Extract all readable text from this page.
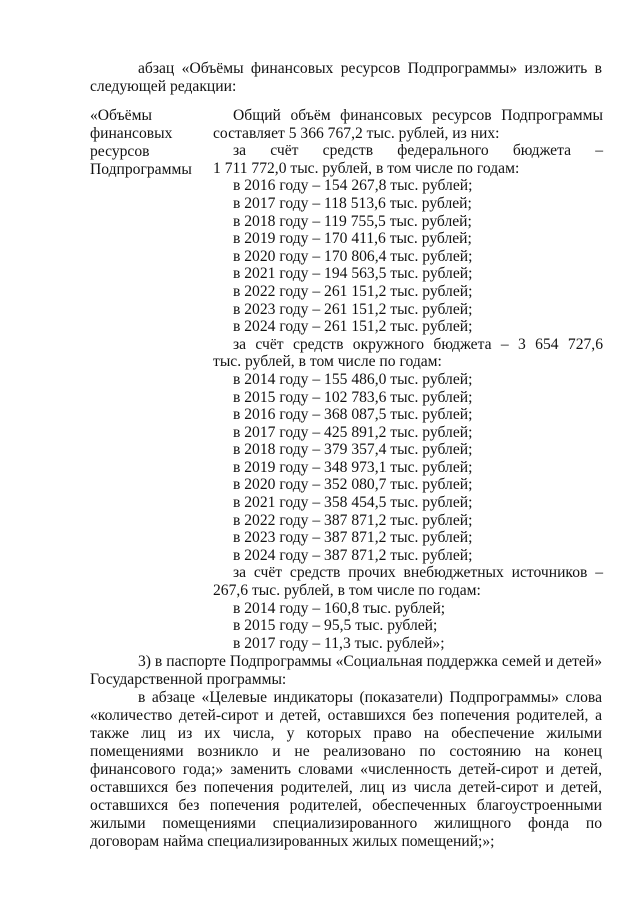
абзац «Объёмы финансовых ресурсов Подпрограммы» изложить в
следующей редакции:
«Объёмы
финансовых
ресурсов
Подпрограммы
Общий объём финансовых ресурсов Подпрограммы
составляет 5 366 767,2 тыс. рублей, из них:
за счёт средств федерального бюджета –
1 711 772,0 тыс. рублей, в том числе по годам:
в 2016 году – 154 267,8 тыс. рублей;
в 2017 году – 118 513,6 тыс. рублей;
в 2018 году – 119 755,5 тыс. рублей;
в 2019 году – 170 411,6 тыс. рублей;
в 2020 году – 170 806,4 тыс. рублей;
в 2021 году – 194 563,5 тыс. рублей;
в 2022 году – 261 151,2 тыс. рублей;
в 2023 году – 261 151,2 тыс. рублей;
в 2024 году – 261 151,2 тыс. рублей;
за счёт средств окружного бюджета – 3 654 727,6
тыс. рублей, в том числе по годам:
в 2014 году – 155 486,0 тыс. рублей;
в 2015 году – 102 783,6 тыс. рублей;
в 2016 году – 368 087,5 тыс. рублей;
в 2017 году – 425 891,2 тыс. рублей;
в 2018 году – 379 357,4 тыс. рублей;
в 2019 году – 348 973,1 тыс. рублей;
в 2020 году – 352 080,7 тыс. рублей;
в 2021 году – 358 454,5 тыс. рублей;
в 2022 году – 387 871,2 тыс. рублей;
в 2023 году – 387 871,2 тыс. рублей;
в 2024 году – 387 871,2 тыс. рублей;
за счёт средств прочих внебюджетных источников –
267,6 тыс. рублей, в том числе по годам:
в 2014 году – 160,8 тыс. рублей;
в 2015 году – 95,5 тыс. рублей;
в 2017 году – 11,3 тыс. рублей»;
3) в паспорте Подпрограммы «Социальная поддержка семей и детей» Государственной программы:
в абзаце «Целевые индикаторы (показатели) Подпрограммы» слова «количество детей-сирот и детей, оставшихся без попечения родителей, а также лиц из их числа, у которых право на обеспечение жилыми помещениями возникло и не реализовано по состоянию на конец финансового года;» заменить словами «численность детей-сирот и детей, оставшихся без попечения родителей, лиц из числа детей-сирот и детей, оставшихся без попечения родителей, обеспеченных благоустроенными жилыми помещениями специализированного жилищного фонда по договорам найма специализированных жилых помещений;»;
